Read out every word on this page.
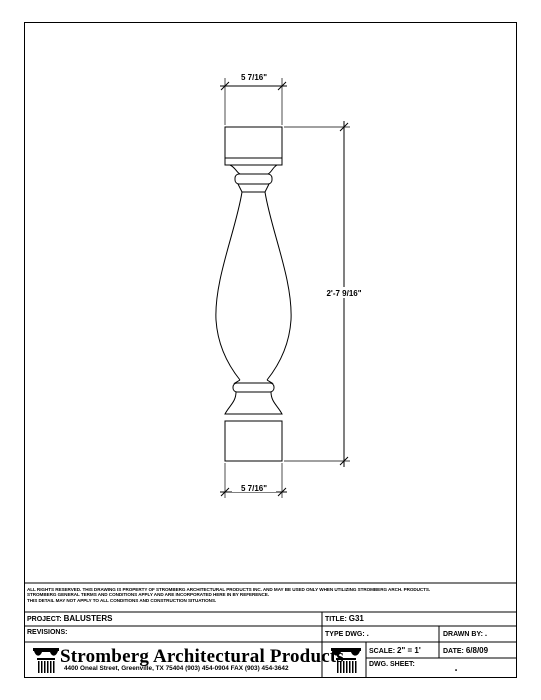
5 7/16"
5 7/16"
2'-7 9/16"
ALL RIGHTS RESERVED. THIS DRAWING IS PROPERTY OF STROMBERG ARCHITECTURAL PRODUCTS INC. AND MAY BE USED ONLY WHEN UTILIZING STROMBERG ARCH. PRODUCTS.
STROMBERG GENERAL TERMS AND CONDITIONS APPLY AND ARE INCORPORATED HERE IN BY REFERENCE.
THIS DETAIL MAY NOT APPLY TO ALL CONDITIONS AND CONSTRUCTION SITUATIONS.
PROJECT: BALUSTERS	TITLE: G31
REVISIONS:	TYPE DWG: .	DRAWN BY: .
SCALE: 2" = 1'	DATE: 6/8/09
DWG. SHEET:
•
Stromberg Architectural Products
4400 Oneal Street, Greenville, TX 75404 (903) 454-0904 FAX (903) 454-3642
